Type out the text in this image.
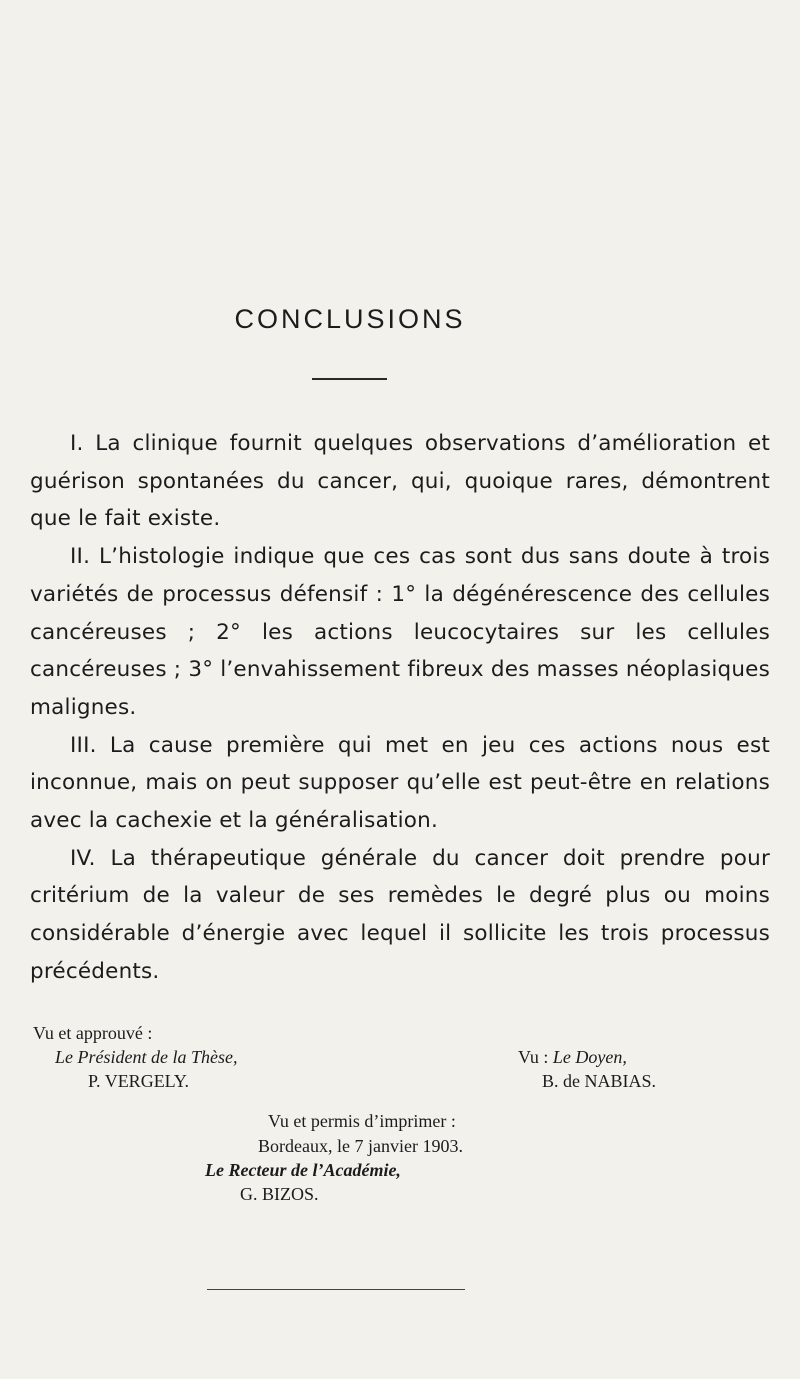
CONCLUSIONS

I. La clinique fournit quelques observations d’amélioration et guérison spontanées du cancer, qui, quoique rares, démontrent que le fait existe.

II. L’histologie indique que ces cas sont dus sans doute à trois variétés de processus défensif : 1° la dégénérescence des cellules cancéreuses ; 2° les actions leucocytaires sur les cellules cancéreuses ; 3° l’envahissement fibreux des masses néoplasiques malignes.

III. La cause première qui met en jeu ces actions nous est inconnue, mais on peut supposer qu’elle est peut-être en relations avec la cachexie et la généralisation.

IV. La thérapeutique générale du cancer doit prendre pour critérium de la valeur de ses remèdes le degré plus ou moins considérable d’énergie avec lequel il sollicite les trois processus précédents.

Vu et approuvé :
Le Président de la Thèse,
P. VERGELY.
Vu : Le Doyen,
B. de NABIAS.
Vu et permis d’imprimer :
Bordeaux, le 7 janvier 1903.
Le Recteur de l’Académie,
G. BIZOS.
